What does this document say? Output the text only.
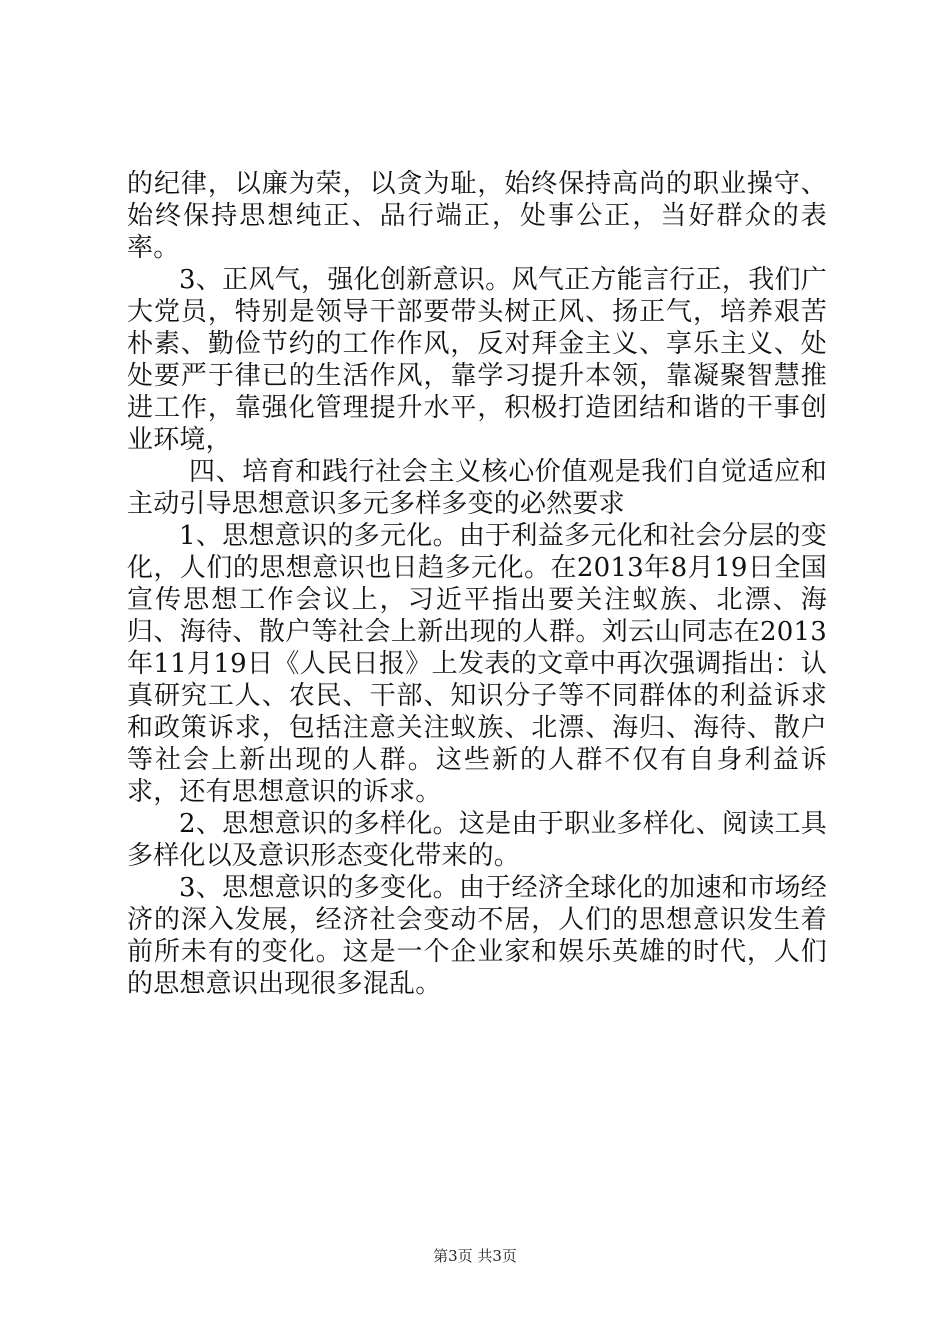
的纪律，以廉为荣，以贪为耻，始终保持高尚的职业操守、始终保持思想纯正、品行端正，处事公正，当好群众的表率。

3、正风气，强化创新意识。风气正方能言行正，我们广大党员，特别是领导干部要带头树正风、扬正气，培养艰苦朴素、勤俭节约的工作作风，反对拜金主义、享乐主义、处处要严于律已的生活作风，靠学习提升本领，靠凝聚智慧推进工作，靠强化管理提升水平，积极打造团结和谐的干事创业环境，

四、培育和践行社会主义核心价值观是我们自觉适应和主动引导思想意识多元多样多变的必然要求

1、思想意识的多元化。由于利益多元化和社会分层的变化，人们的思想意识也日趋多元化。在2013年8月19日全国宣传思想工作会议上，习近平指出要关注蚁族、北漂、海归、海待、散户等社会上新出现的人群。刘云山同志在2013年11月19日《人民日报》上发表的文章中再次强调指出：认真研究工人、农民、干部、知识分子等不同群体的利益诉求和政策诉求，包括注意关注蚁族、北漂、海归、海待、散户等社会上新出现的人群。这些新的人群不仅有自身利益诉求，还有思想意识的诉求。

2、思想意识的多样化。这是由于职业多样化、阅读工具多样化以及意识形态变化带来的。

3、思想意识的多变化。由于经济全球化的加速和市场经济的深入发展，经济社会变动不居，人们的思想意识发生着前所未有的变化。这是一个企业家和娱乐英雄的时代，人们的思想意识出现很多混乱。

第3页 共3页
